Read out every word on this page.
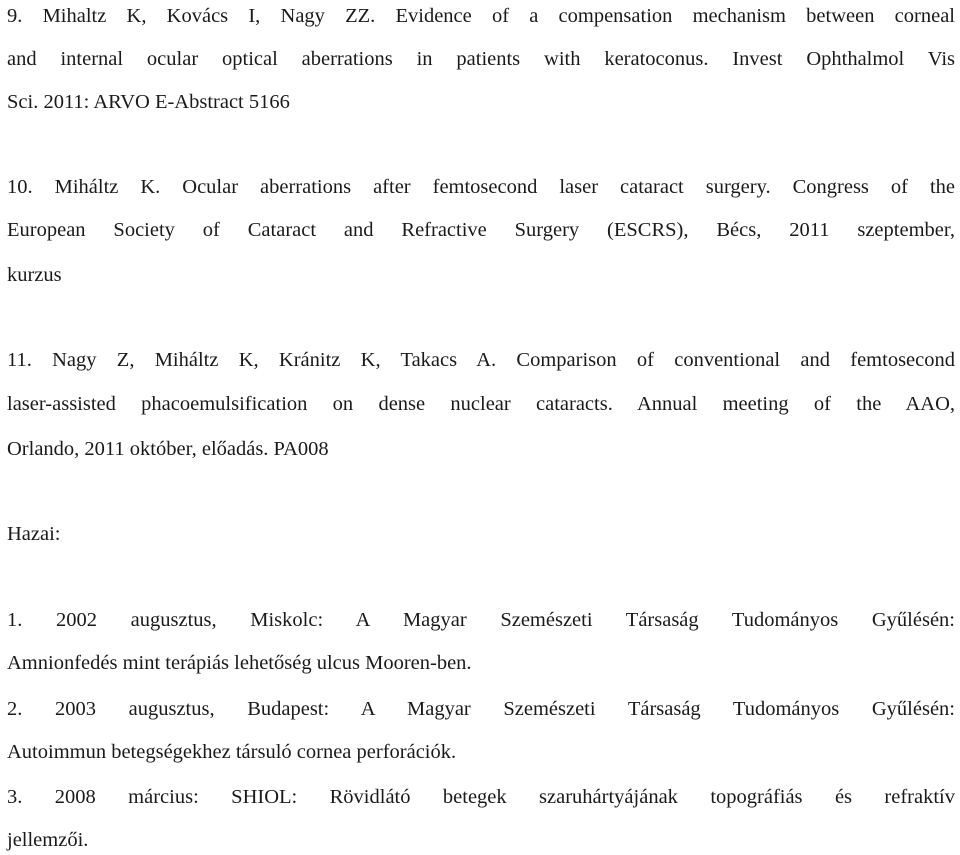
9. Mihaltz K, Kovács I, Nagy ZZ. Evidence of a compensation mechanism between corneal
and internal ocular optical aberrations in patients with keratoconus. Invest Ophthalmol Vis
Sci. 2011: ARVO E-Abstract 5166
10. Miháltz K. Ocular aberrations after femtosecond laser cataract surgery. Congress of the
European Society of Cataract and Refractive Surgery (ESCRS), Bécs, 2011 szeptember,
kurzus
11. Nagy Z, Miháltz K, Kránitz K, Takacs A. Comparison of conventional and femtosecond
laser-assisted phacoemulsification on dense nuclear cataracts. Annual meeting of the AAO,
Orlando, 2011 október, előadás. PA008
Hazai:
1. 2002 augusztus, Miskolc: A Magyar Szemészeti Társaság Tudományos Gyűlésén:
Amnionfedés mint terápiás lehetőség ulcus Mooren-ben.
2. 2003 augusztus, Budapest: A Magyar Szemészeti Társaság Tudományos Gyűlésén:
Autoimmun betegségekhez társuló cornea perforációk.
3. 2008 március: SHIOL: Rövidlátó betegek szaruhártyájának topográfiás és refraktív
jellemzői.
